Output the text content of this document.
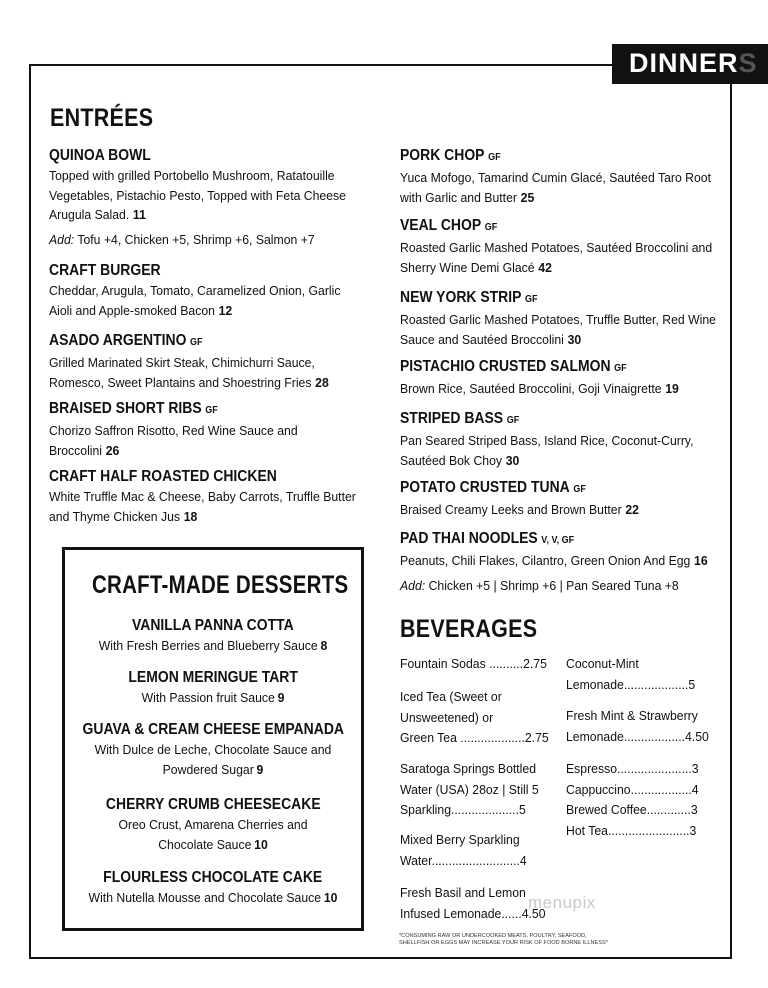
DINNERS
ENTRÉES
QUINOA BOWL
Topped with grilled Portobello Mushroom, Ratatouille
Vegetables, Pistachio Pesto, Topped with Feta Cheese
Arugula Salad. 11
Add: Tofu +4, Chicken +5, Shrimp +6, Salmon +7
CRAFT BURGER
Cheddar, Arugula, Tomato, Caramelized Onion, Garlic
Aioli and Apple-smoked Bacon 12
ASADO ARGENTINO GF
Grilled Marinated Skirt Steak, Chimichurri Sauce,
Romesco, Sweet Plantains and Shoestring Fries 28
BRAISED SHORT RIBS GF
Chorizo Saffron Risotto, Red Wine Sauce and
Broccolini 26
CRAFT HALF ROASTED CHICKEN
White Truffle Mac & Cheese, Baby Carrots, Truffle Butter
and Thyme Chicken Jus 18
PORK CHOP GF
Yuca Mofogo, Tamarind Cumin Glacé, Sautéed Taro Root
with Garlic and Butter 25
VEAL CHOP GF
Roasted Garlic Mashed Potatoes, Sautéed Broccolini and
Sherry Wine Demi Glacé 42
NEW YORK STRIP GF
Roasted Garlic Mashed Potatoes, Truffle Butter, Red Wine
Sauce and Sautéed Broccolini 30
PISTACHIO CRUSTED SALMON GF
Brown Rice, Sautéed Broccolini, Goji Vinaigrette 19
STRIPED BASS GF
Pan Seared Striped Bass, Island Rice, Coconut-Curry,
Sautéed Bok Choy 30
POTATO CRUSTED TUNA GF
Braised Creamy Leeks and Brown Butter 22
PAD THAI NOODLES V, V, GF
Peanuts, Chili Flakes, Cilantro, Green Onion And Egg 16
Add: Chicken +5 | Shrimp +6 | Pan Seared Tuna +8
CRAFT-MADE DESSERTS
VANILLA PANNA COTTA
With Fresh Berries and Blueberry Sauce 8
LEMON MERINGUE TART
With Passion fruit Sauce 9
GUAVA & CREAM CHEESE EMPANADA
With Dulce de Leche, Chocolate Sauce and
Powdered Sugar 9
CHERRY CRUMB CHEESECAKE
Oreo Crust, Amarena Cherries and
Chocolate Sauce 10
FLOURLESS CHOCOLATE CAKE
With Nutella Mousse and Chocolate Sauce 10
BEVERAGES
Fountain Sodas ..........2.75
Iced Tea (Sweet or
Unsweetened) or
Green Tea ...................2.75
Saratoga Springs Bottled
Water (USA) 28oz | Still 5
Sparkling....................5
Mixed Berry Sparkling
Water..........................4
Fresh Basil and Lemon
Infused Lemonade......4.50
Coconut-Mint
Lemonade...................5
Fresh Mint & Strawberry
Lemonade..................4.50
Espresso......................3
Cappuccino..................4
Brewed Coffee.............3
Hot Tea........................3
*CONSUMING RAW OR UNDERCOOKED MEATS, POULTRY, SEAFOOD,
SHELLFISH OR EGGS MAY INCREASE YOUR RISK OF FOOD BORNE ILLNESS*
menupix
